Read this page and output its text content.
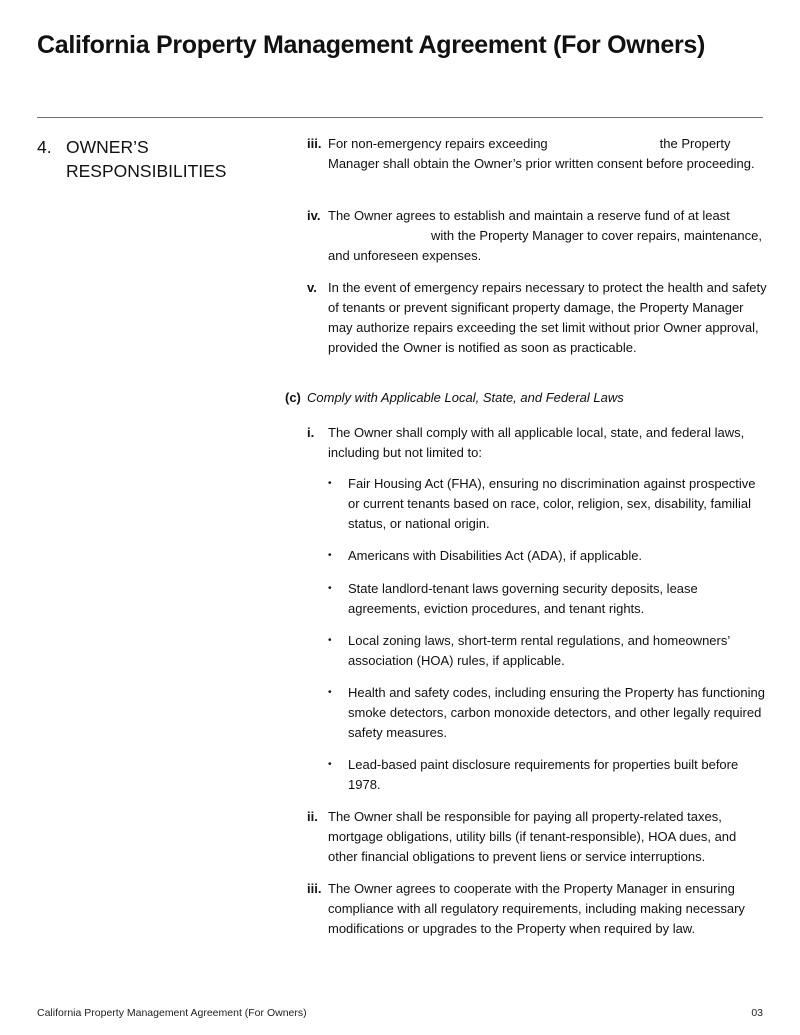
California Property Management Agreement (For Owners)
4. OWNER’S RESPONSIBILITIES
iii. For non-emergency repairs exceeding	the Property Manager shall obtain the Owner’s prior written consent before proceeding.
iv. The Owner agrees to establish and maintain a reserve fund of at leastwith the Property Manager to cover repairs, maintenance, and unforeseen expenses.
v. In the event of emergency repairs necessary to protect the health and safety of tenants or prevent significant property damage, the Property Manager may authorize repairs exceeding the set limit without prior Owner approval, provided the Owner is notified as soon as practicable.
(c) Comply with Applicable Local, State, and Federal Laws
i. The Owner shall comply with all applicable local, state, and federal laws, including but not limited to:
• Fair Housing Act (FHA), ensuring no discrimination against prospective or current tenants based on race, color, religion, sex, disability, familial status, or national origin.
• Americans with Disabilities Act (ADA), if applicable.
• State landlord-tenant laws governing security deposits, lease agreements, eviction procedures, and tenant rights.
• Local zoning laws, short-term rental regulations, and homeowners’ association (HOA) rules, if applicable.
• Health and safety codes, including ensuring the Property has functioning smoke detectors, carbon monoxide detectors, and other legally required safety measures.
• Lead-based paint disclosure requirements for properties built before 1978.
ii. The Owner shall be responsible for paying all property-related taxes, mortgage obligations, utility bills (if tenant-responsible), HOA dues, and other financial obligations to prevent liens or service interruptions.
iii. The Owner agrees to cooperate with the Property Manager in ensuring compliance with all regulatory requirements, including making necessary modifications or upgrades to the Property when required by law.
California Property Management Agreement (For Owners)	03
